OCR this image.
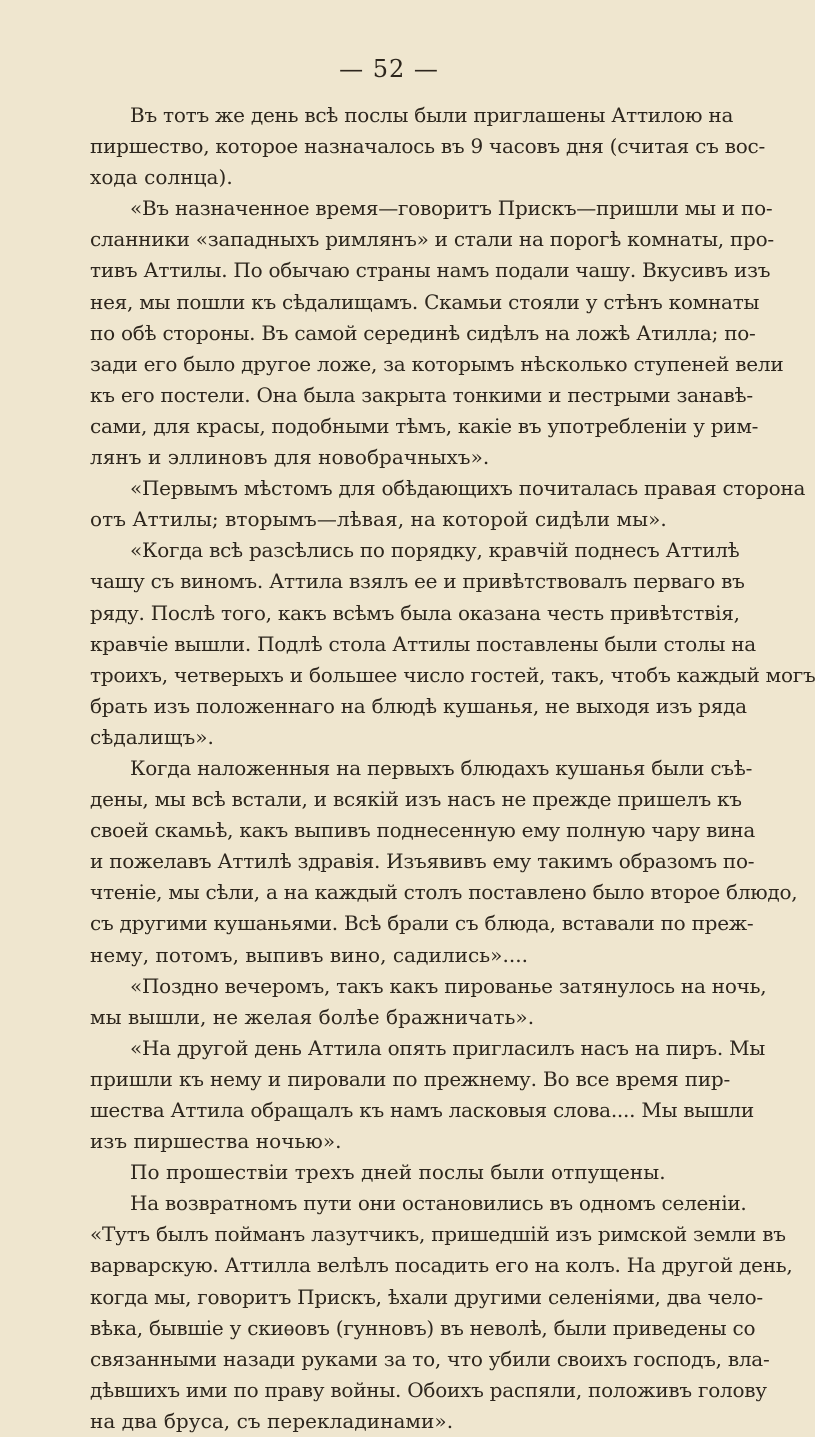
— 52 —
Въ тотъ же день всѣ послы были приглашены Аттилою на
пиршество, которое назначалось въ 9 часовъ дня (считая съ вос-
хода солнца).
«Въ назначенное время—говоритъ Прискъ—пришли мы и по-
сланники «западныхъ римлянъ» и стали на порогѣ комнаты, про-
тивъ Аттилы. По обычаю страны намъ подали чашу. Вкусивъ изъ
нея, мы пошли къ сѣдалищамъ. Скамьи стояли у стѣнъ комнаты
по обѣ стороны. Въ самой серединѣ сидѣлъ на ложѣ Атилла; по-
зади его было другое ложе, за которымъ нѣсколько ступеней вели
къ его постели. Она была закрыта тонкими и пестрыми занавѣ-
сами, для красы, подобными тѣмъ, какіе въ употребленіи у рим-
лянъ и эллиновъ для новобрачныхъ».
«Первымъ мѣстомъ для обѣдающихъ почиталась правая сторона
отъ Аттилы; вторымъ—лѣвая, на которой сидѣли мы».
«Когда всѣ разсѣлись по порядку, кравчій поднесъ Аттилѣ
чашу съ виномъ. Аттила взялъ ее и привѣтствовалъ перваго въ
ряду. Послѣ того, какъ всѣмъ была оказана честь привѣтствія,
кравчіе вышли. Подлѣ стола Аттилы поставлены были столы на
троихъ, четверыхъ и большее число гостей, такъ, чтобъ каждый могъ
брать изъ положеннаго на блюдѣ кушанья, не выходя изъ ряда
сѣдалищъ».
Когда наложенныя на первыхъ блюдахъ кушанья были съѣ-
дены, мы всѣ встали, и всякій изъ насъ не прежде пришелъ къ
своей скамьѣ, какъ выпивъ поднесенную ему полную чару вина
и пожелавъ Аттилѣ здравія. Изъявивъ ему такимъ образомъ по-
чтеніе, мы сѣли, а на каждый столъ поставлено было второе блюдо,
съ другими кушаньями. Всѣ брали съ блюда, вставали по преж-
нему, потомъ, выпивъ вино, садились»....
«Поздно вечеромъ, такъ какъ пированье затянулось на ночь,
мы вышли, не желая болѣе бражничать».
«На другой день Аттила опять пригласилъ насъ на пиръ. Мы
пришли къ нему и пировали по прежнему. Во все время пир-
шества Аттила обращалъ къ намъ ласковыя слова.... Мы вышли
изъ пиршества ночью».
По прошествіи трехъ дней послы были отпущены.
На возвратномъ пути они остановились въ одномъ селеніи.
«Тутъ былъ пойманъ лазутчикъ, пришедшій изъ римской земли въ
варварскую. Аттилла велѣлъ посадить его на колъ. На другой день,
когда мы, говоритъ Прискъ, ѣхали другими селеніями, два чело-
вѣка, бывшіе у скиѳовъ (гунновъ) въ неволѣ, были приведены со
связанными назади руками за то, что убили своихъ господъ, вла-
дѣвшихъ ими по праву войны. Обоихъ распяли, положивъ голову
на два бруса, съ перекладинами».
